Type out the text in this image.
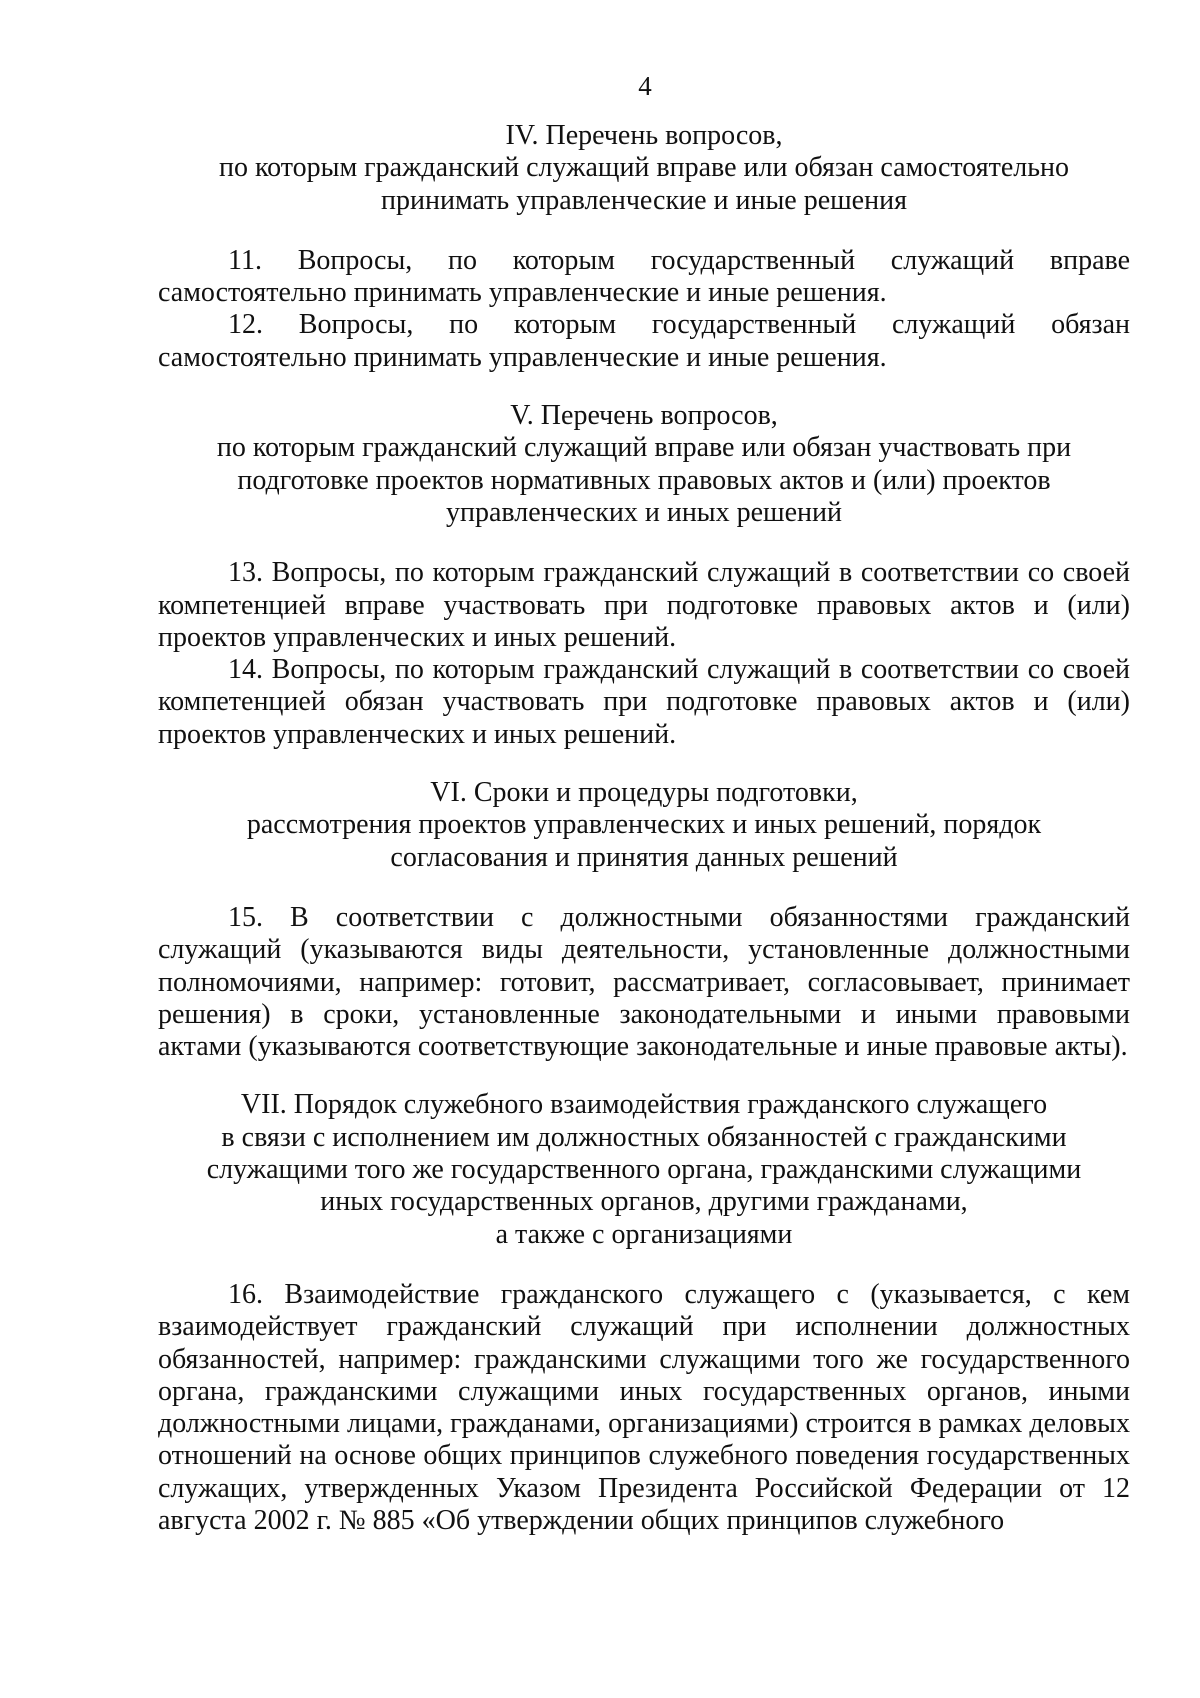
4
IV. Перечень вопросов,
по которым гражданский служащий вправе или обязан самостоятельно
принимать управленческие и иные решения

11. Вопросы, по которым государственный служащий вправе самостоятельно принимать управленческие и иные решения.

12. Вопросы, по которым государственный служащий обязан самостоятельно принимать управленческие и иные решения.

V. Перечень вопросов,
по которым гражданский служащий вправе или обязан участвовать при
подготовке проектов нормативных правовых актов и (или) проектов
управленческих и иных решений

13. Вопросы, по которым гражданский служащий в соответствии со своей компетенцией вправе участвовать при подготовке правовых актов и (или) проектов управленческих и иных решений.

14. Вопросы, по которым гражданский служащий в соответствии со своей компетенцией обязан участвовать при подготовке правовых актов и (или) проектов управленческих и иных решений.

VI. Сроки и процедуры подготовки,
рассмотрения проектов управленческих и иных решений, порядок
согласования и принятия данных решений

15. В соответствии с должностными обязанностями гражданский служащий (указываются виды деятельности, установленные должностными полномочиями, например: готовит, рассматривает, согласовывает, принимает решения) в сроки, установленные законодательными и иными правовыми актами (указываются соответствующие законодательные и иные правовые акты).

VII. Порядок служебного взаимодействия гражданского служащего
в связи с исполнением им должностных обязанностей с гражданскими
служащими того же государственного органа, гражданскими служащими
иных государственных органов, другими гражданами,
а также с организациями

16. Взаимодействие гражданского служащего с (указывается, с кем взаимодействует гражданский служащий при исполнении должностных обязанностей, например: гражданскими служащими того же государственного органа, гражданскими служащими иных государственных органов, иными должностными лицами, гражданами, организациями) строится в рамках деловых отношений на основе общих принципов служебного поведения государственных служащих, утвержденных Указом Президента Российской Федерации от 12 августа 2002 г. № 885 «Об утверждении общих принципов служебного
